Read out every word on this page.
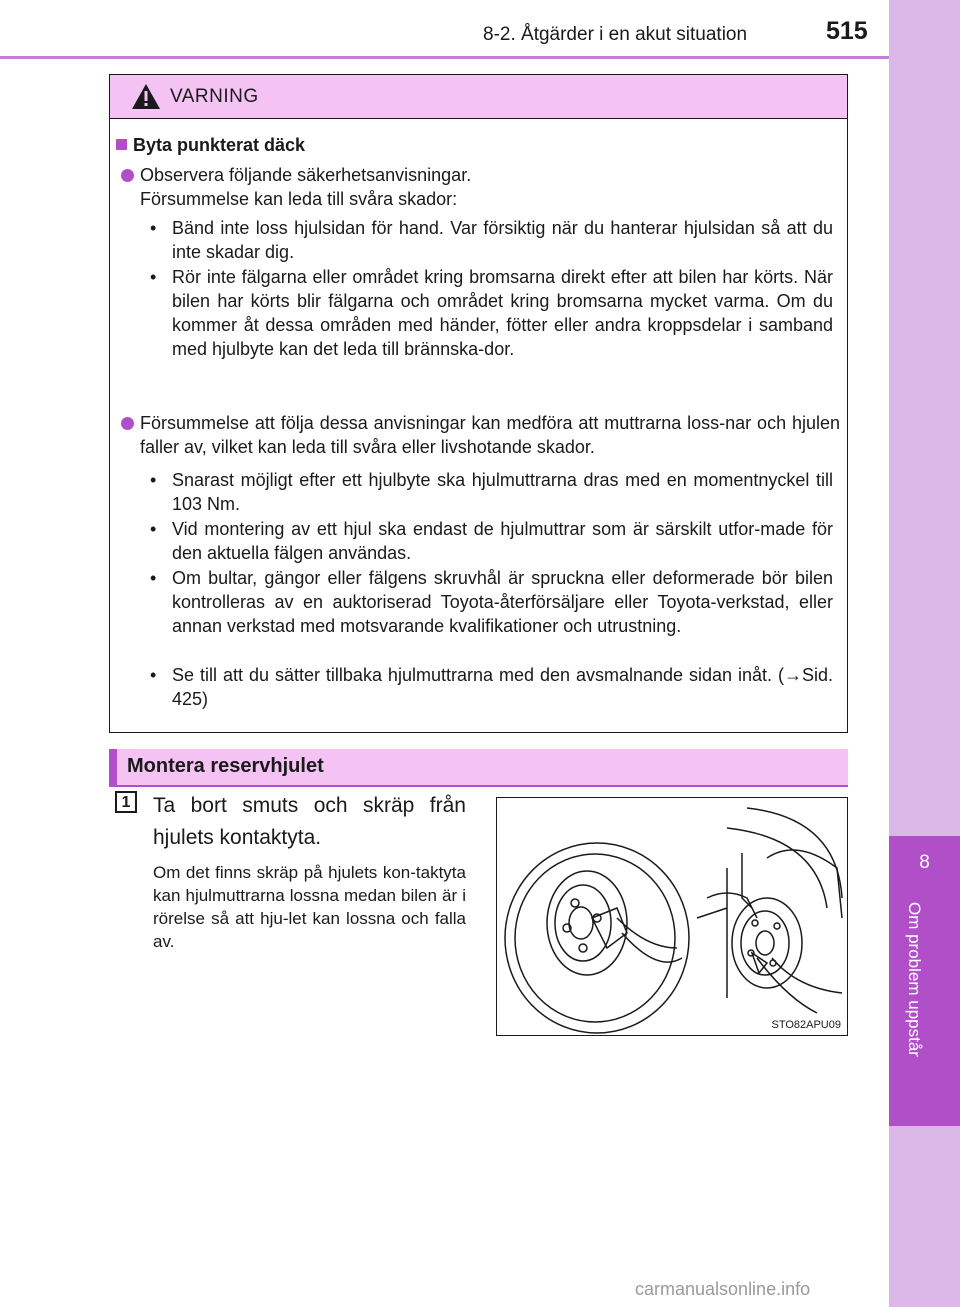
8
Om problem uppstår
8-2. Åtgärder i en akut situation	515
VARNING
Byta punkterat däck
Observera följande säkerhetsanvisningar.
Försummelse kan leda till svåra skador:
• Bänd inte loss hjulsidan för hand. Var försiktig när du hanterar hjulsidan så att du inte skadar dig.
• Rör inte fälgarna eller området kring bromsarna direkt efter att bilen har körts. När bilen har körts blir fälgarna och området kring bromsarna mycket varma. Om du kommer åt dessa områden med händer, fötter eller andra kroppsdelar i samband med hjulbyte kan det leda till brännska-dor.
Försummelse att följa dessa anvisningar kan medföra att muttrarna loss-nar och hjulen faller av, vilket kan leda till svåra eller livshotande skador.
• Snarast möjligt efter ett hjulbyte ska hjulmuttrarna dras med en momentnyckel till 103 Nm.
• Vid montering av ett hjul ska endast de hjulmuttrar som är särskilt utfor-made för den aktuella fälgen användas.
• Om bultar, gängor eller fälgens skruvhål är spruckna eller deformerade bör bilen kontrolleras av en auktoriserad Toyota-återförsäljare eller Toyota-verkstad, eller annan verkstad med motsvarande kvalifikationer och utrustning.
• Se till att du sätter tillbaka hjulmuttrarna med den avsmalnande sidan inåt. (→Sid. 425)
Montera reservhjulet
1	Ta bort smuts och skräp från hjulets kontaktyta.
Om det finns skräp på hjulets kon-taktyta kan hjulmuttrarna lossna medan bilen är i rörelse så att hju-let kan lossna och falla av.
STO82APU09
carmanualsonline.info
